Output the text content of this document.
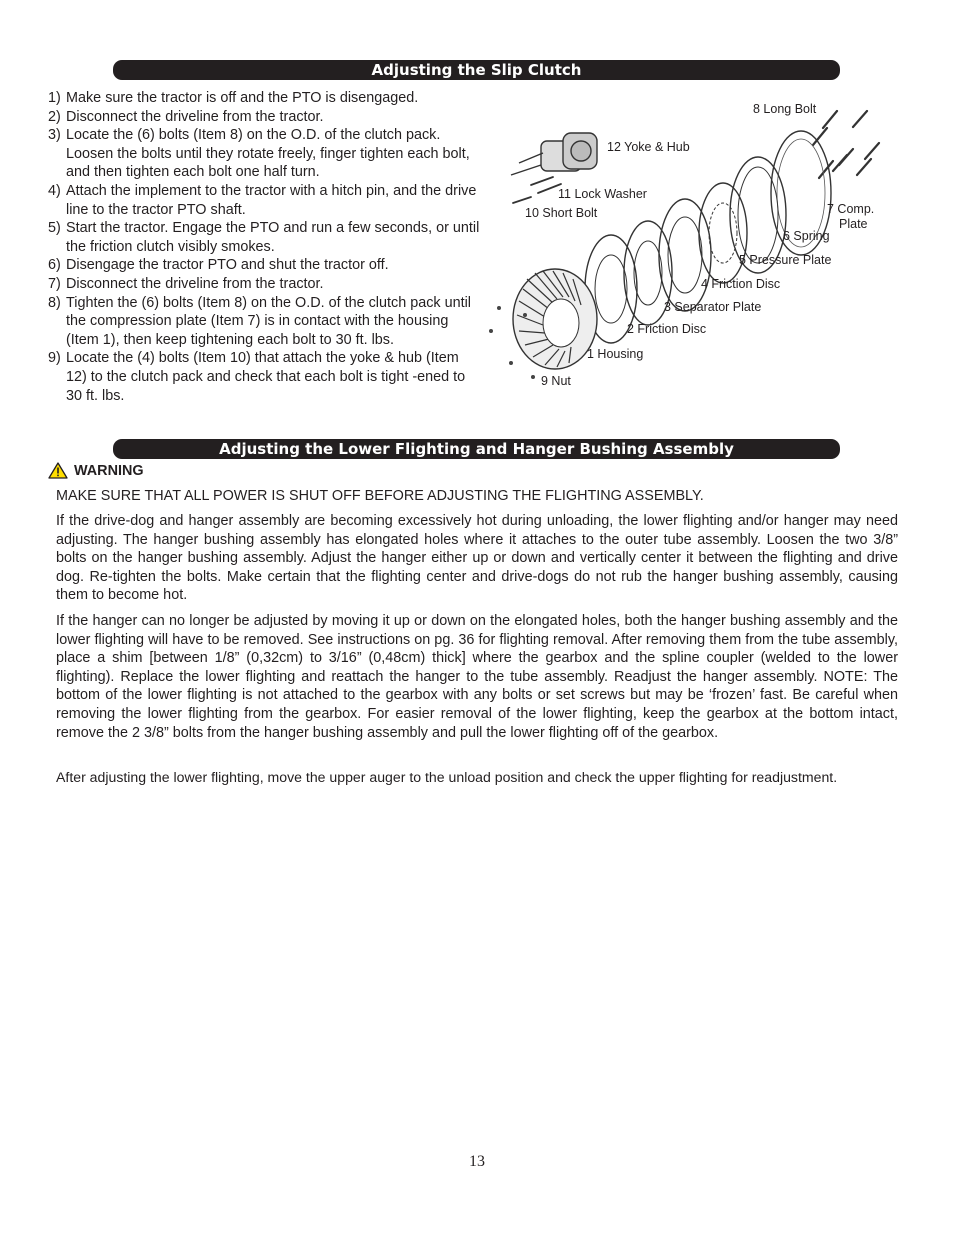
Adjusting the Slip Clutch
1) Make sure the tractor is off and the PTO is disengaged.
2) Disconnect the driveline from the tractor.
3) Locate the (6) bolts (Item 8) on the O.D. of the clutch pack. Loosen the bolts until they rotate freely, finger tighten each bolt, and then tighten each bolt one half turn.
4) Attach the implement to the tractor with a hitch pin, and the drive line to the tractor PTO shaft.
5) Start the tractor. Engage the PTO and run a few seconds, or until the friction clutch visibly smokes.
6) Disengage the tractor PTO and shut the tractor off.
7) Disconnect the driveline from the tractor.
8) Tighten the (6) bolts (Item 8) on the O.D. of the clutch pack until the compression plate (Item 7) is in contact with the housing (Item 1), then keep tightening each bolt to 30 ft. lbs.
9) Locate the (4) bolts (Item 10) that attach the yoke & hub (Item 12) to the clutch pack and check that each bolt is tight -ened to 30 ft. lbs.
8 Long Bolt
12 Yoke & Hub
11 Lock Washer
10 Short Bolt	7 Comp.
Plate
6 Spring
5 Pressure Plate
4 Friction Disc
3 Separator Plate
2 Friction Disc
1 Housing
9 Nut
Adjusting the Lower Flighting and Hanger Bushing Assembly
WARNING

MAKE SURE THAT ALL POWER IS SHUT OFF BEFORE ADJUSTING THE FLIGHTING ASSEMBLY.

If the drive-dog and hanger assembly are becoming excessively hot during unloading, the lower flighting and/or hanger may need adjusting. The hanger bushing assembly has elongated holes where it attaches to the outer tube assembly. Loosen the two 3/8” bolts on the hanger bushing assembly. Adjust the hanger either up or down and vertically center it between the flighting and drive dog. Re-tighten the bolts. Make certain that the flighting center and drive-dogs do not rub the hanger bushing assembly, causing them to become hot.

If the hanger can no longer be adjusted by moving it up or down on the elongated holes, both the hanger bushing assembly and the lower flighting will have to be removed. See instructions on pg. 36 for flighting removal. After removing them from the tube assembly, place a shim [between 1/8” (0,32cm) to 3/16” (0,48cm) thick] where the gearbox and the spline coupler (welded to the lower flighting). Replace the lower flighting and reattach the hanger to the tube assembly. Readjust the hanger assembly. NOTE: The bottom of the lower flighting is not attached to the gearbox with any bolts or set screws but may be ‘frozen’ fast. Be careful when removing the lower flighting from the gearbox. For easier removal of the lower flighting, keep the gearbox at the bottom intact, remove the 2 3/8” bolts from the hanger bushing assembly and pull the lower flighting off of the gearbox.

After adjusting the lower flighting, move the upper auger to the unload position and check the upper flighting for readjustment.

13
